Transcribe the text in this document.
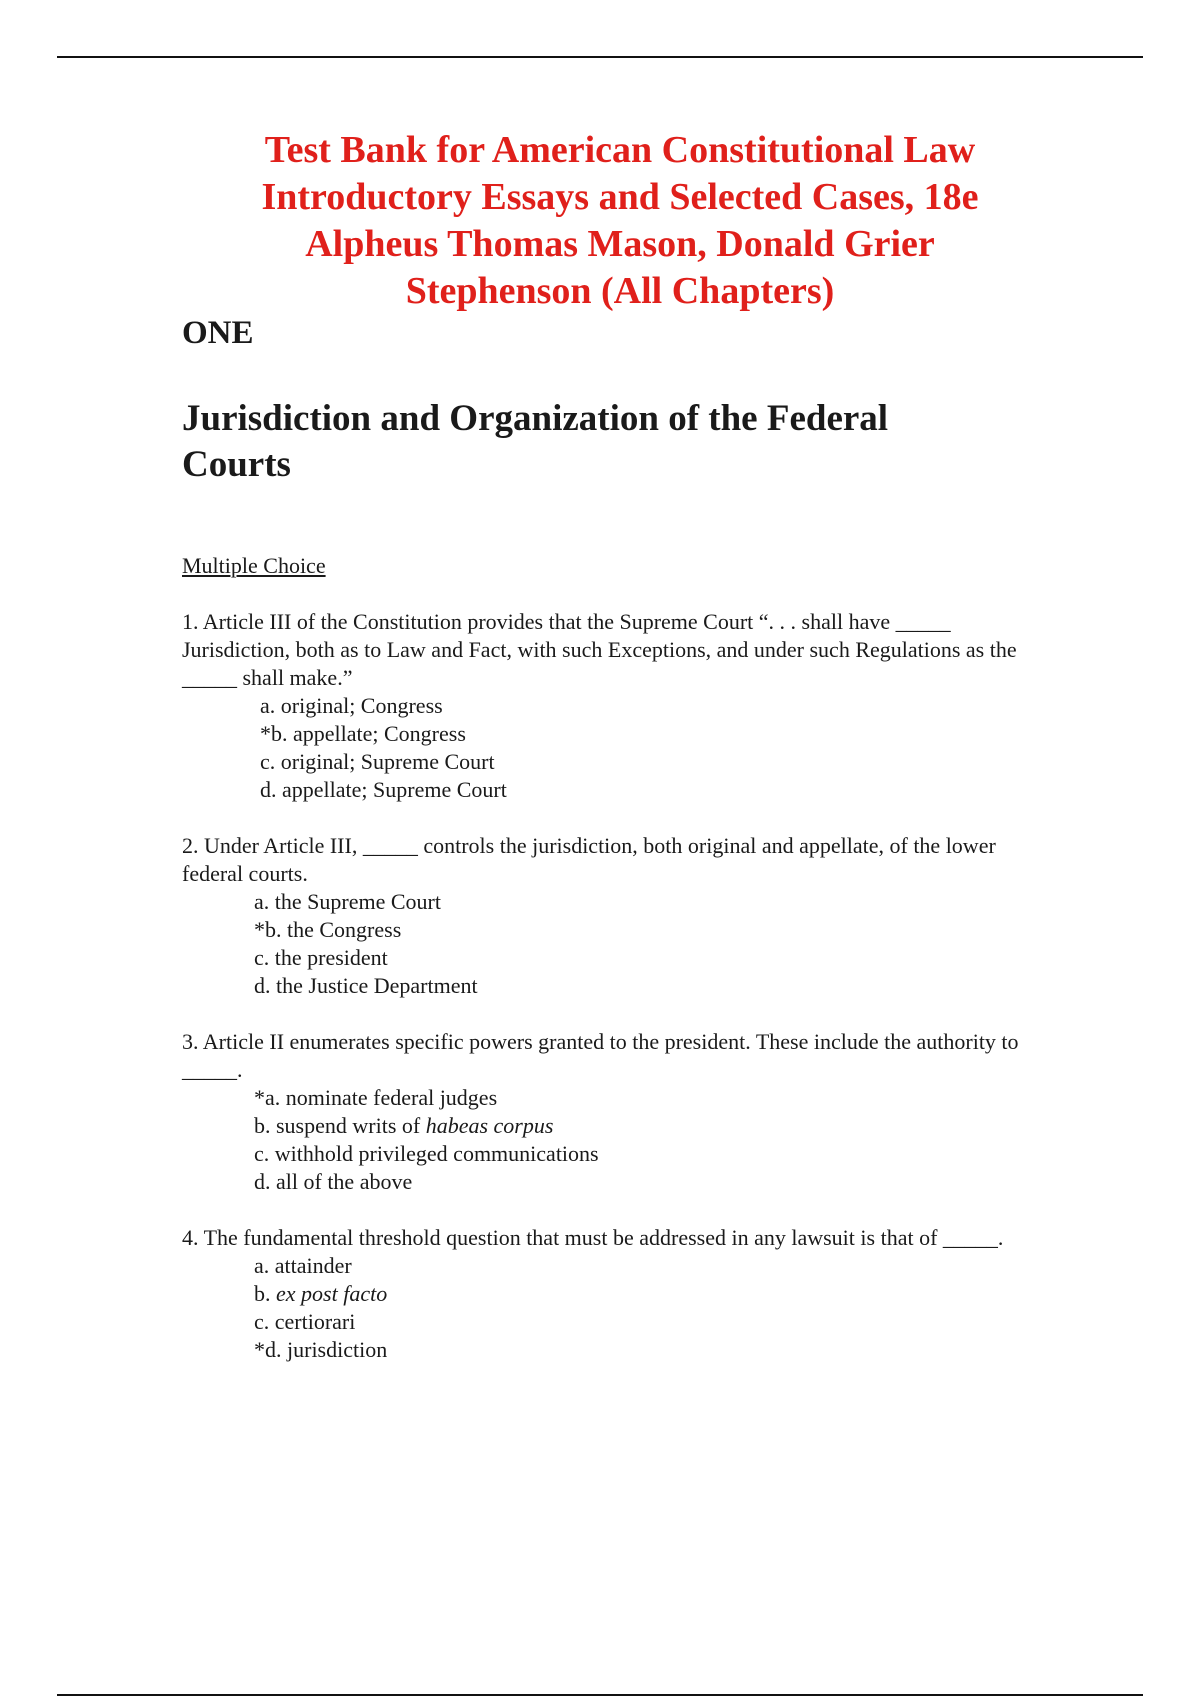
Test Bank for American Constitutional Law
Introductory Essays and Selected Cases, 18e
Alpheus Thomas Mason, Donald Grier
Stephenson (All Chapters)
ONE
Jurisdiction and Organization of the Federal
Courts
Multiple Choice

1. Article III of the Constitution provides that the Supreme Court “. . . shall have _____ Jurisdiction, both as to Law and Fact, with such Exceptions, and under such Regulations as the _____ shall make.”

a. original; Congress
*b. appellate; Congress
c. original; Supreme Court
d. appellate; Supreme Court

2. Under Article III, _____ controls the jurisdiction, both original and appellate, of the lower federal courts.

a. the Supreme Court
*b. the Congress
c. the president
d. the Justice Department

3. Article II enumerates specific powers granted to the president. These include the authority to _____.

*a. nominate federal judges
b. suspend writs of habeas corpus
c. withhold privileged communications
d. all of the above

4. The fundamental threshold question that must be addressed in any lawsuit is that of _____.

a. attainder
b. ex post facto
c. certiorari
*d. jurisdiction
